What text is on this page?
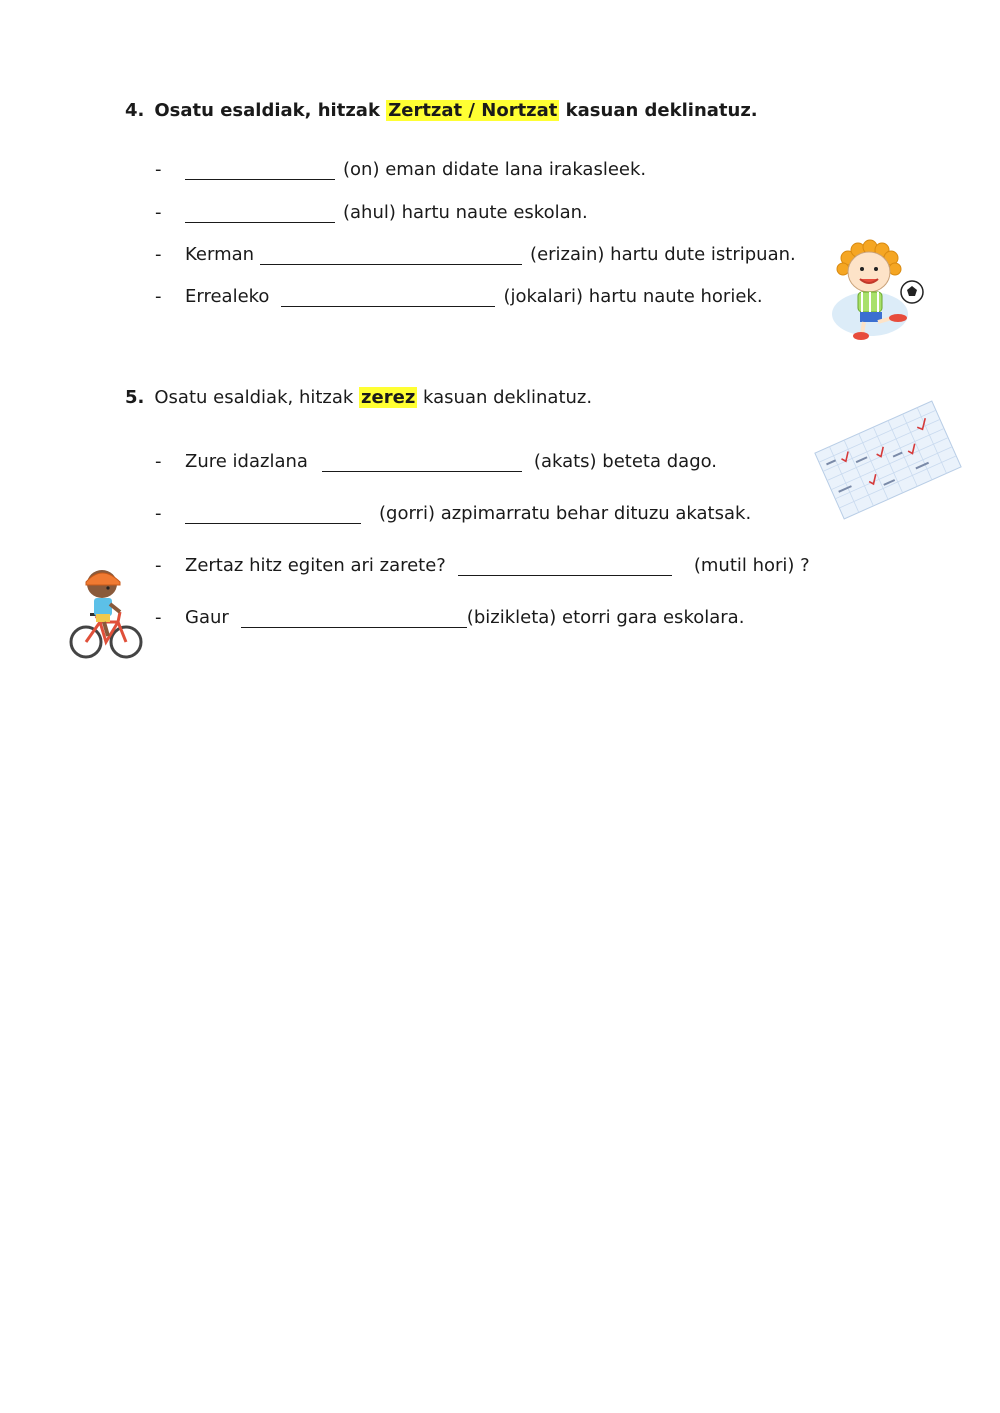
4. Osatu esaldiak, hitzak Zertzat / Nortzat kasuan deklinatuz.
-	(on) eman didate lana irakasleek.
-	(ahul) hartu naute eskolan.
- Kerman	(erizain) hartu dute istripuan.
- Errealeko	(jokalari) hartu naute horiek.
5. Osatu esaldiak, hitzak zerez kasuan deklinatuz.
- Zure idazlana	(akats) beteta dago.
-	(gorri) azpimarratu behar dituzu akatsak.
- Zertaz hitz egiten ari zarete?	(mutil hori) ?
- Gaur	(bizikleta) etorri gara eskolara.
